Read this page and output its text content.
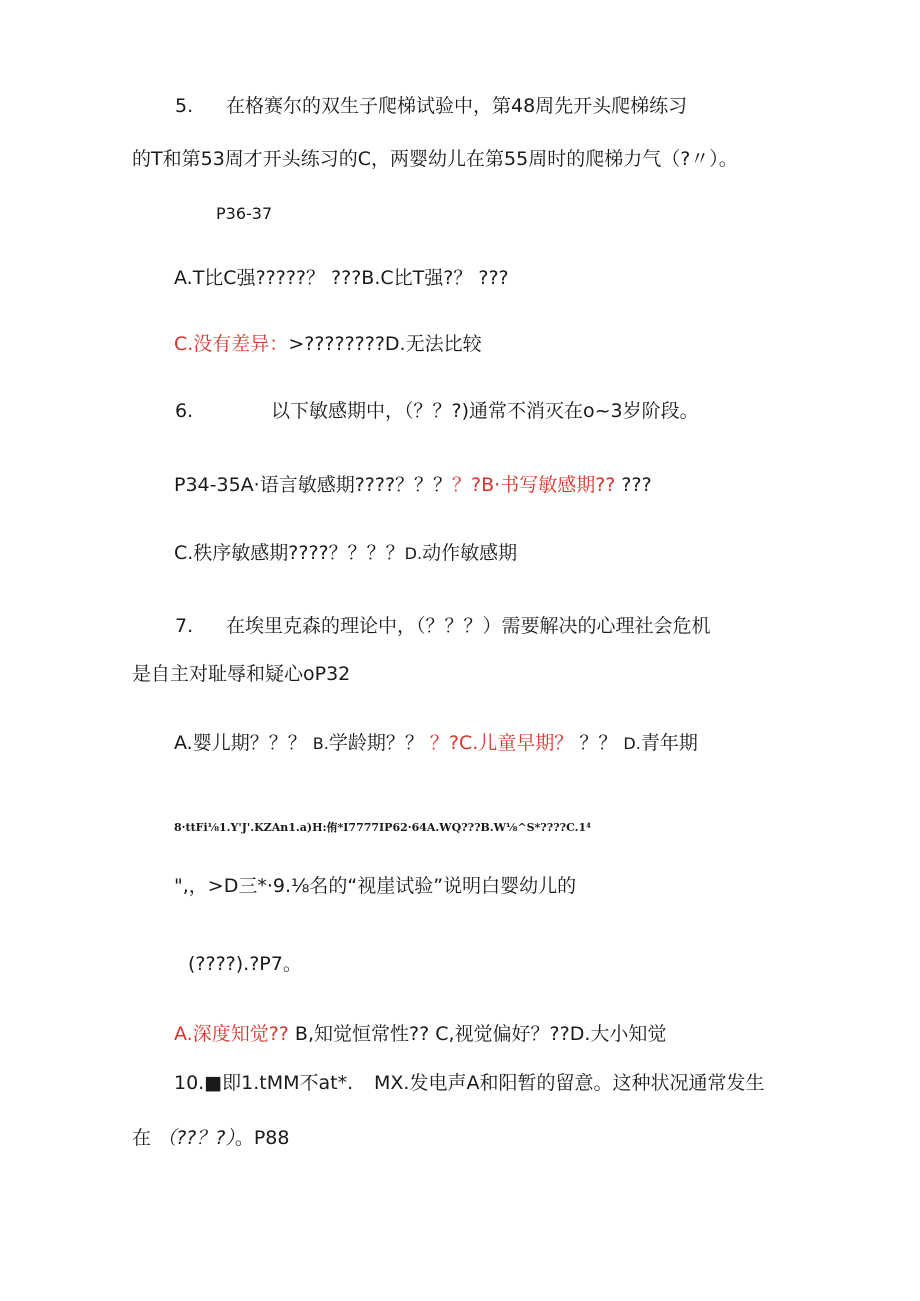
5. 在格赛尔的双生子爬梯试验中，第48周先开头爬梯练习
的T和第53周才开头练习的C，两婴幼儿在第55周时的爬梯力气（?〃）。
P36-37
A.T比C强?????？ ???B.C比T强?？ ???
C.没有差异：>????????D.无法比较
6.	以下敏感期中，（？？?)通常不消灭在o~3岁阶段。
P34-35A·语言敏感期????？？？？?B·书写敏感期?? ???
C.秩序敏感期????？？？？D.动作敏感期
7. 在埃里克森的理论中，（？？？）需要解决的心理社会危机
是自主对耻辱和疑心oP32
A.婴儿期？？？ B.学龄期？？ ？?C.儿童早期？ ？？ D.青年期
8·ttFi⅛1.Y'J'.KZAn1.a)H:侑*I7777IP62·64A.WQ???B.W⅛^S*????C.1⁴
",，>D三*·9.⅛名的“视崖试验”说明白婴幼儿的
(????).?P7。
A.深度知觉?? B,知觉恒常性?? C,视觉偏好？??D.大小知觉
10.■即1.tMM不at*. MX.发电声A和阳暂的留意。这种状况通常发生
在 （??？?）。P88
